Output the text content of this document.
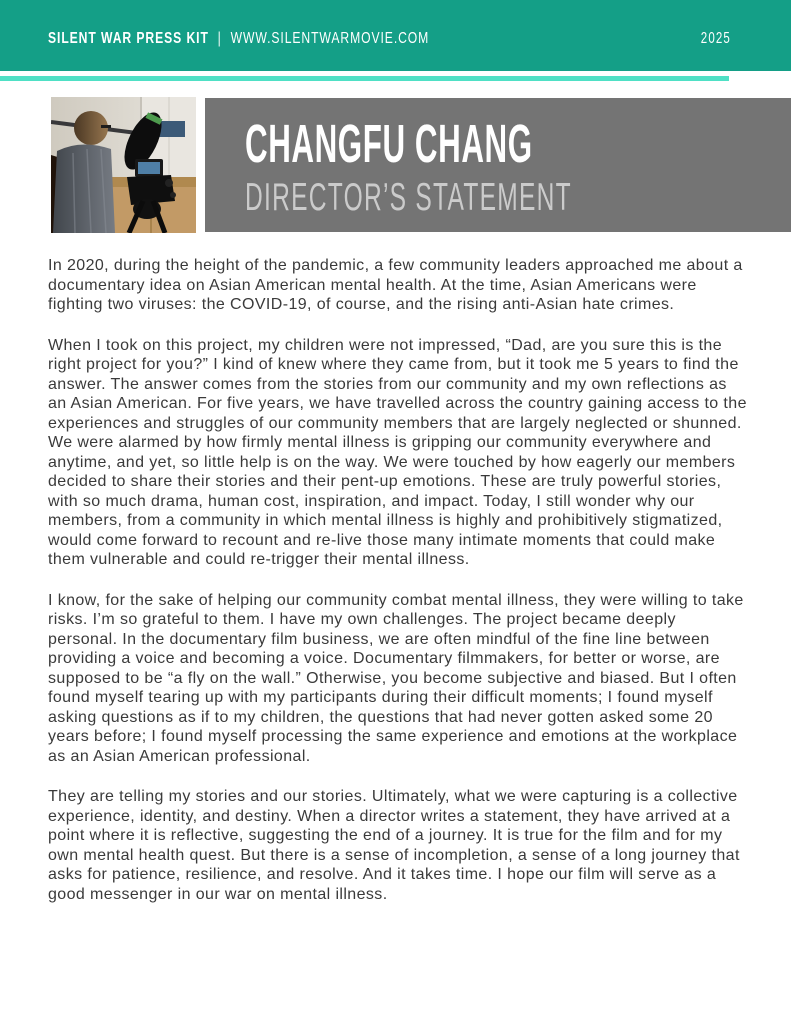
SILENT WAR PRESS KIT | WWW.SILENTWARMOVIE.COM	2025
CHANGFU CHANG
DIRECTOR’S STATEMENT

In 2020, during the height of the pandemic, a few community leaders approached me about a documentary idea on Asian American mental health. At the time, Asian Americans were fighting two viruses: the COVID-19, of course, and the rising anti-Asian hate crimes.

When I took on this project, my children were not impressed, “Dad, are you sure this is the right project for you?” I kind of knew where they came from, but it took me 5 years to find the answer. The answer comes from the stories from our community and my own reflections as an Asian American. For five years, we have travelled across the country gaining access to the experiences and struggles of our community members that are largely neglected or shunned. We were alarmed by how firmly mental illness is gripping our community everywhere and anytime, and yet, so little help is on the way. We were touched by how eagerly our members decided to share their stories and their pent-up emotions. These are truly powerful stories, with so much drama, human cost, inspiration, and impact. Today, I still wonder why our members, from a community in which mental illness is highly and prohibitively stigmatized, would come forward to recount and re-live those many intimate moments that could make them vulnerable and could re-trigger their mental illness.

I know, for the sake of helping our community combat mental illness, they were willing to take risks. I’m so grateful to them. I have my own challenges. The project became deeply personal. In the documentary film business, we are often mindful of the fine line between providing a voice and becoming a voice. Documentary filmmakers, for better or worse, are supposed to be “a fly on the wall.” Otherwise, you become subjective and biased. But I often found myself tearing up with my participants during their difficult moments; I found myself asking questions as if to my children, the questions that had never gotten asked some 20 years before; I found myself processing the same experience and emotions at the workplace as an Asian American professional.

They are telling my stories and our stories. Ultimately, what we were capturing is a collective experience, identity, and destiny. When a director writes a statement, they have arrived at a point where it is reflective, suggesting the end of a journey. It is true for the film and for my own mental health quest. But there is a sense of incompletion, a sense of a long journey that asks for patience, resilience, and resolve. And it takes time. I hope our film will serve as a good messenger in our war on mental illness.
